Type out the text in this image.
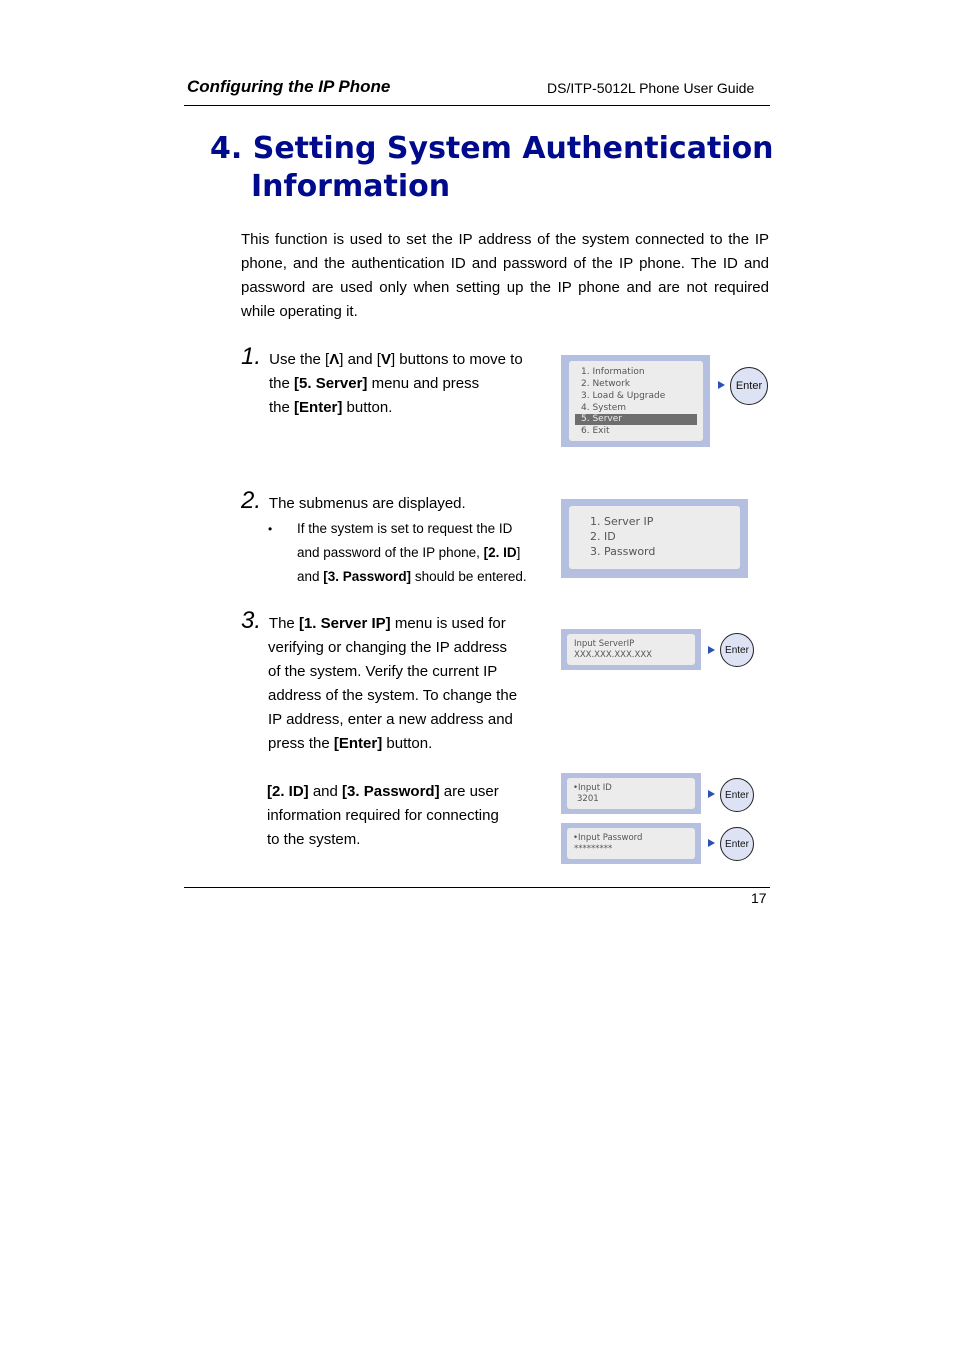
Configuring the IP Phone	DS/ITP-5012L Phone User Guide
4. Setting System Authentication
Information
This function is used to set the IP address of the system connected to the IP phone, and the authentication ID and password of the IP phone. The ID and password are used only when setting up the IP phone and are not required while operating it.
1. Use the [Λ] and [V] buttons to move to
the [5. Server] menu and press
the [Enter] button.
1. Information
2. Network
3. Load & Upgrade
4. System
5. Server
6. Exit
Enter
2. The submenus are displayed.
• If the system is set to request the ID
and password of the IP phone, [2. ID]
and [3. Password] should be entered.
1. Server IP
2. ID
3. Password
3. The [1. Server IP] menu is used for
verifying or changing the IP address
of the system. Verify the current IP
address of the system. To change the
IP address, enter a new address and
press the [Enter] button.
Input ServerIP
XXX.XXX.XXX.XXX	Enter
[2. ID] and [3. Password] are user
information required for connecting
to the system.
•Input ID
3201	Enter
•Input Password
*********	Enter
17
